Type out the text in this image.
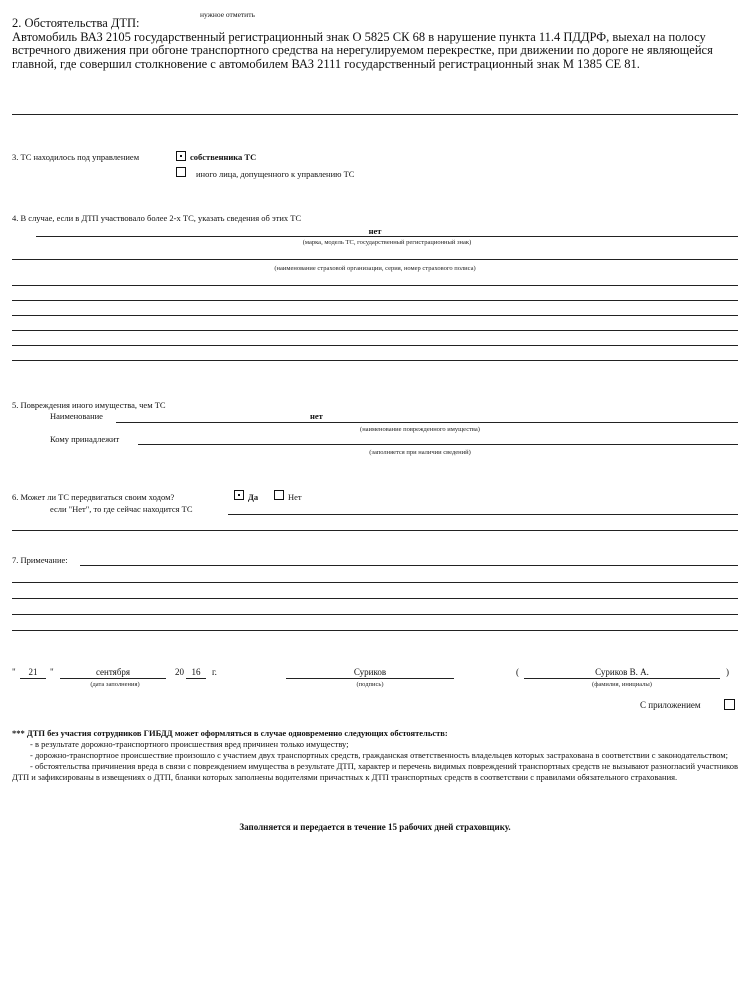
нужное отметить
2. Обстоятельства ДТП:
Автомобиль ВАЗ 2105 государственный регистрационный знак О 5825 СК 68 в нарушение пункта 11.4 ПДДРФ, выехал на полосу встречного движения при обгоне транспортного средства на нерегулируемом перекрестке, при движении по дороге не являющейся главной, где совершил столкновение с автомобилем ВАЗ 2111 государственный регистрационный знак М 1385 СЕ 81.
3. ТС находилось под управлением	собственника ТС
иного лица, допущенного к управлению ТС
4. В случае, если в ДТП участвовало более 2-х ТС, указать сведения об этих ТС
нет
(марка, модель ТС, государственный регистрационный знак)
(наименование страховой организации, серия, номер страхового полиса)
5. Повреждения иного имущества, чем ТС
Наименование	нет
(наименование поврежденного имущества)
Кому принадлежит
(заполняется при наличии сведений)
6. Может ли ТС передвигаться своим ходом?	Да	Нет
если "Нет", то где сейчас находится ТС
7. Примечание:
"	21	"	сентября	20 16	г.
(дата заполнения)
Суриков
(подпись)
(	Суриков В. А.	)
(фамилия, инициалы)
С приложением
*** ДТП без участия сотрудников ГИБДД может оформляться в случае одновременно следующих обстоятельств:
- в результате дорожно-транспортного происшествия вред причинен только имуществу;
- дорожно-транспортное происшествие произошло с участием двух транспортных средств, гражданская ответственность владельцев которых застрахована в соответствии с законодательством;
- обстоятельства причинения вреда в связи с повреждением имущества в результате ДТП, характер и перечень видимых повреждений транспортных средств не вызывают разногласий участников ДТП и зафиксированы в извещениях о ДТП, бланки которых заполнены водителями причастных к ДТП транспортных средств в соответствии с правилами обязательного страхования.
Заполняется и передается в течение 15 рабочих дней страховщику.
